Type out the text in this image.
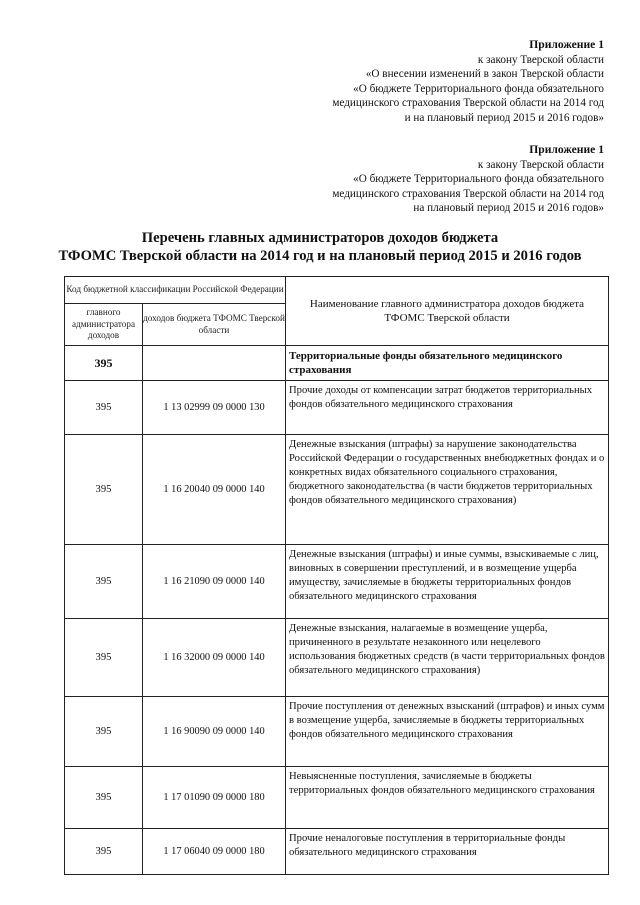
Приложение 1
к закону Тверской области
«О внесении изменений в закон Тверской области
«О бюджете Территориального фонда обязательного
медицинского страхования Тверской области на 2014 год
и на плановый период 2015 и 2016 годов»
Приложение 1
к закону Тверской области
«О бюджете Территориального фонда обязательного
медицинского страхования Тверской области на 2014 год
на плановый период 2015 и 2016 годов»
Перечень главных администраторов доходов бюджета
ТФОМС Тверской области на 2014 год и на плановый период 2015 и 2016 годов
Код бюджетной классификации Российской Федерации		Наименование главного администратора доходов бюджета ТФОМС Тверской области
главного администратора доходов	доходов бюджета ТФОМС Тверской области	
395		Территориальные фонды обязательного медицинского страхования
395	1 13 02999 09 0000 130	Прочие доходы от компенсации затрат бюджетов территориальных фондов обязательного медицинского страхования
395	1 16 20040 09 0000 140	Денежные взыскания (штрафы) за нарушение законодательства Российской Федерации о государственных внебюджетных фондах и о конкретных видах обязательного социального страхования, бюджетного законодательства (в части бюджетов территориальных фондов обязательного медицинского страхования)
395	1 16 21090 09 0000 140	Денежные взыскания (штрафы) и иные суммы, взыскиваемые с лиц, виновных в совершении преступлений, и в возмещение ущерба имуществу, зачисляемые в бюджеты территориальных фондов обязательного медицинского страхования
395	1 16 32000 09 0000 140	Денежные взыскания, налагаемые в возмещение ущерба, причиненного в результате незаконного или нецелевого использования бюджетных средств (в части территориальных фондов обязательного медицинского страхования)
395	1 16 90090 09 0000 140	Прочие поступления от денежных взысканий (штрафов) и иных сумм в возмещение ущерба, зачисляемые в бюджеты территориальных фондов обязательного медицинского страхования
395	1 17 01090 09 0000 180	Невыясненные поступления, зачисляемые в бюджеты территориальных фондов обязательного медицинского страхования
395	1 17 06040 09 0000 180	Прочие неналоговые поступления в территориальные фонды обязательного медицинского страхования
